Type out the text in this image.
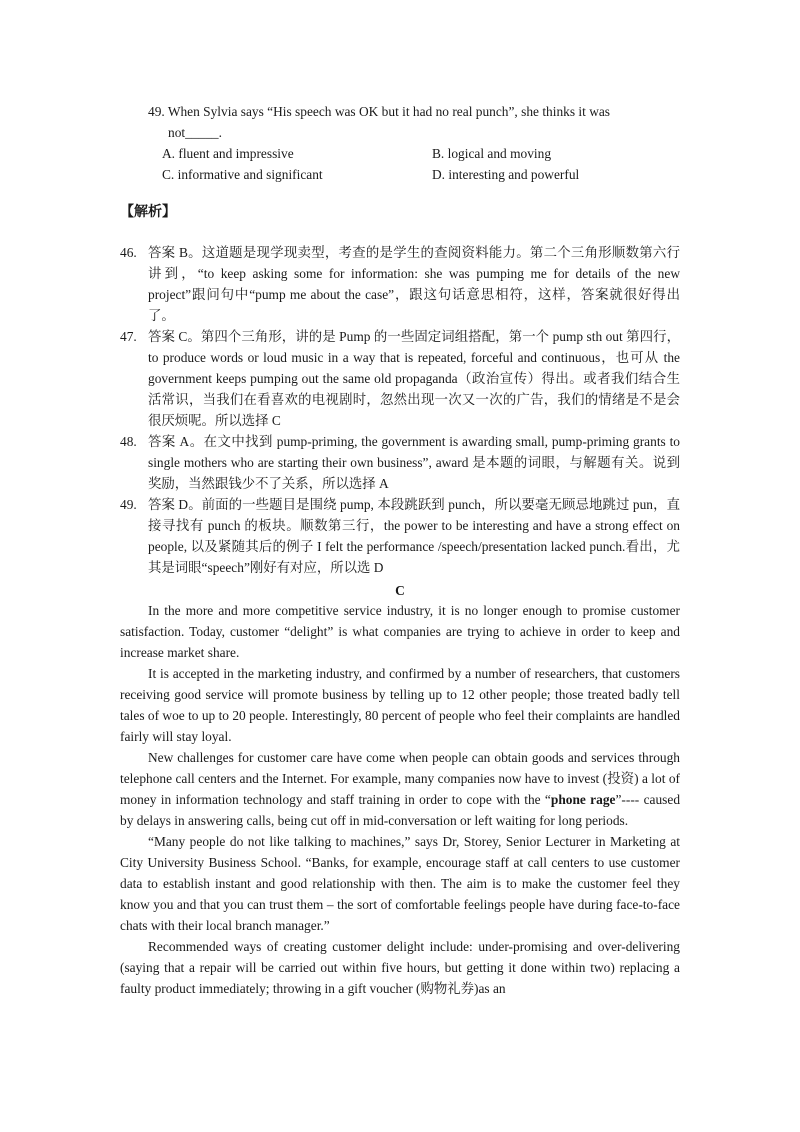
49. When Sylvia says “His speech was OK but it had no real punch”, she thinks it was
not_____.
A. fluent and impressive	B. logical and moving
C. informative and significant	D. interesting and powerful
【解析】
46. 答案 B。这道题是现学现卖型，考查的是学生的查阅资料能力。第二个三角形顺数第六行讲到，“to keep asking some for information: she was pumping me for details of the new project”跟问句中“pump me about the case”，跟这句话意思相符，这样，答案就很好得出了。
47. 答案 C。第四个三角形，讲的是 Pump 的一些固定词组搭配，第一个 pump sth out 第四行，to produce words or loud music in a way that is repeated, forceful and continuous，也可从 the government keeps pumping out the same old propaganda（政治宣传）得出。或者我们结合生活常识，当我们在看喜欢的电视剧时，忽然出现一次又一次的广告，我们的情绪是不是会很厌烦呢。所以选择 C
48. 答案 A。在文中找到 pump-priming, the government is awarding small, pump-priming grants to single mothers who are starting their own business”, award 是本题的词眼，与解题有关。说到奖励，当然跟钱少不了关系，所以选择 A
49. 答案 D。前面的一些题目是围绕 pump, 本段跳跃到 punch，所以要毫无顾忌地跳过 pun，直接寻找有 punch 的板块。顺数第三行，the power to be interesting and have a strong effect on people, 以及紧随其后的例子 I felt the performance /speech/presentation lacked punch.看出，尤其是词眼“speech”刚好有对应，所以选 D
C

In the more and more competitive service industry, it is no longer enough to promise customer satisfaction. Today, customer “delight” is what companies are trying to achieve in order to keep and increase market share.

It is accepted in the marketing industry, and confirmed by a number of researchers, that customers receiving good service will promote business by telling up to 12 other people; those treated badly tell tales of woe to up to 20 people. Interestingly, 80 percent of people who feel their complaints are handled fairly will stay loyal.

New challenges for customer care have come when people can obtain goods and services through telephone call centers and the Internet. For example, many companies now have to invest (投资) a lot of money in information technology and staff training in order to cope with the “phone rage”---- caused by delays in answering calls, being cut off in mid-conversation or left waiting for long periods.

“Many people do not like talking to machines,” says Dr, Storey, Senior Lecturer in Marketing at City University Business School. “Banks, for example, encourage staff at call centers to use customer data to establish instant and good relationship with then. The aim is to make the customer feel they know you and that you can trust them – the sort of comfortable feelings people have during face-to-face chats with their local branch manager.”

Recommended ways of creating customer delight include: under-promising and over-delivering (saying that a repair will be carried out within five hours, but getting it done within two) replacing a faulty product immediately; throwing in a gift voucher (购物礼券)as an
